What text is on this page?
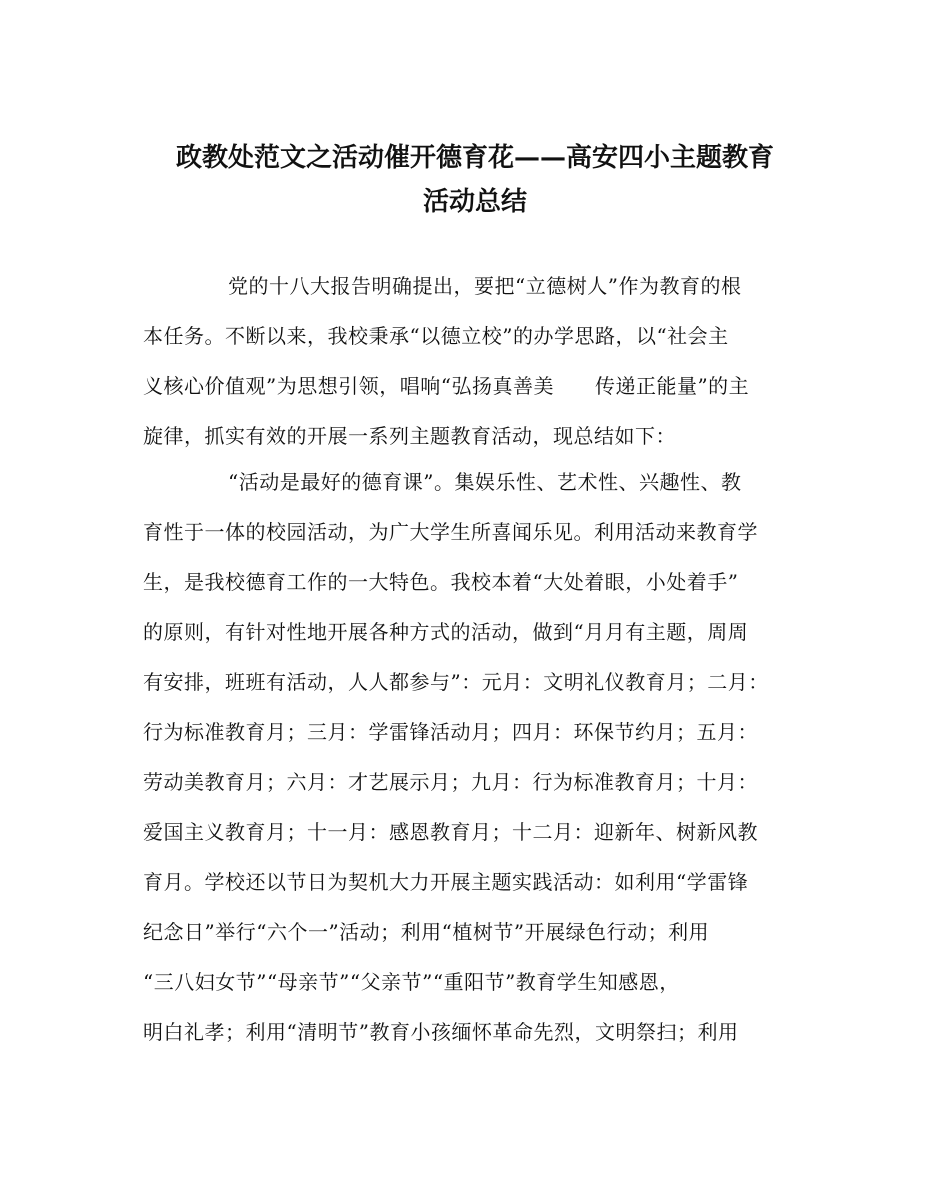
政教处范文之活动催开德育花——高安四小主题教育
活动总结
党的十八大报告明确提出，要把“立德树人”作为教育的根
本任务。不断以来，我校秉承“以德立校”的办学思路，以“社会主
义核心价值观”为思想引领，唱响“弘扬真善美　　传递正能量”的主
旋律，抓实有效的开展一系列主题教育活动，现总结如下：
“活动是最好的德育课”。集娱乐性、艺术性、兴趣性、教
育性于一体的校园活动，为广大学生所喜闻乐见。利用活动来教育学
生，是我校德育工作的一大特色。我校本着“大处着眼，小处着手”
的原则，有针对性地开展各种方式的活动，做到“月月有主题，周周
有安排，班班有活动，人人都参与”：元月：文明礼仪教育月；二月：
行为标准教育月；三月：学雷锋活动月；四月：环保节约月；五月：
劳动美教育月；六月：才艺展示月；九月：行为标准教育月；十月：
爱国主义教育月；十一月：感恩教育月；十二月：迎新年、树新风教
育月。学校还以节日为契机大力开展主题实践活动：如利用“学雷锋
纪念日”举行“六个一”活动；利用“植树节”开展绿色行动；利用
“三八妇女节”“母亲节”“父亲节”“重阳节”教育学生知感恩，
明白礼孝；利用“清明节”教育小孩缅怀革命先烈，文明祭扫；利用
